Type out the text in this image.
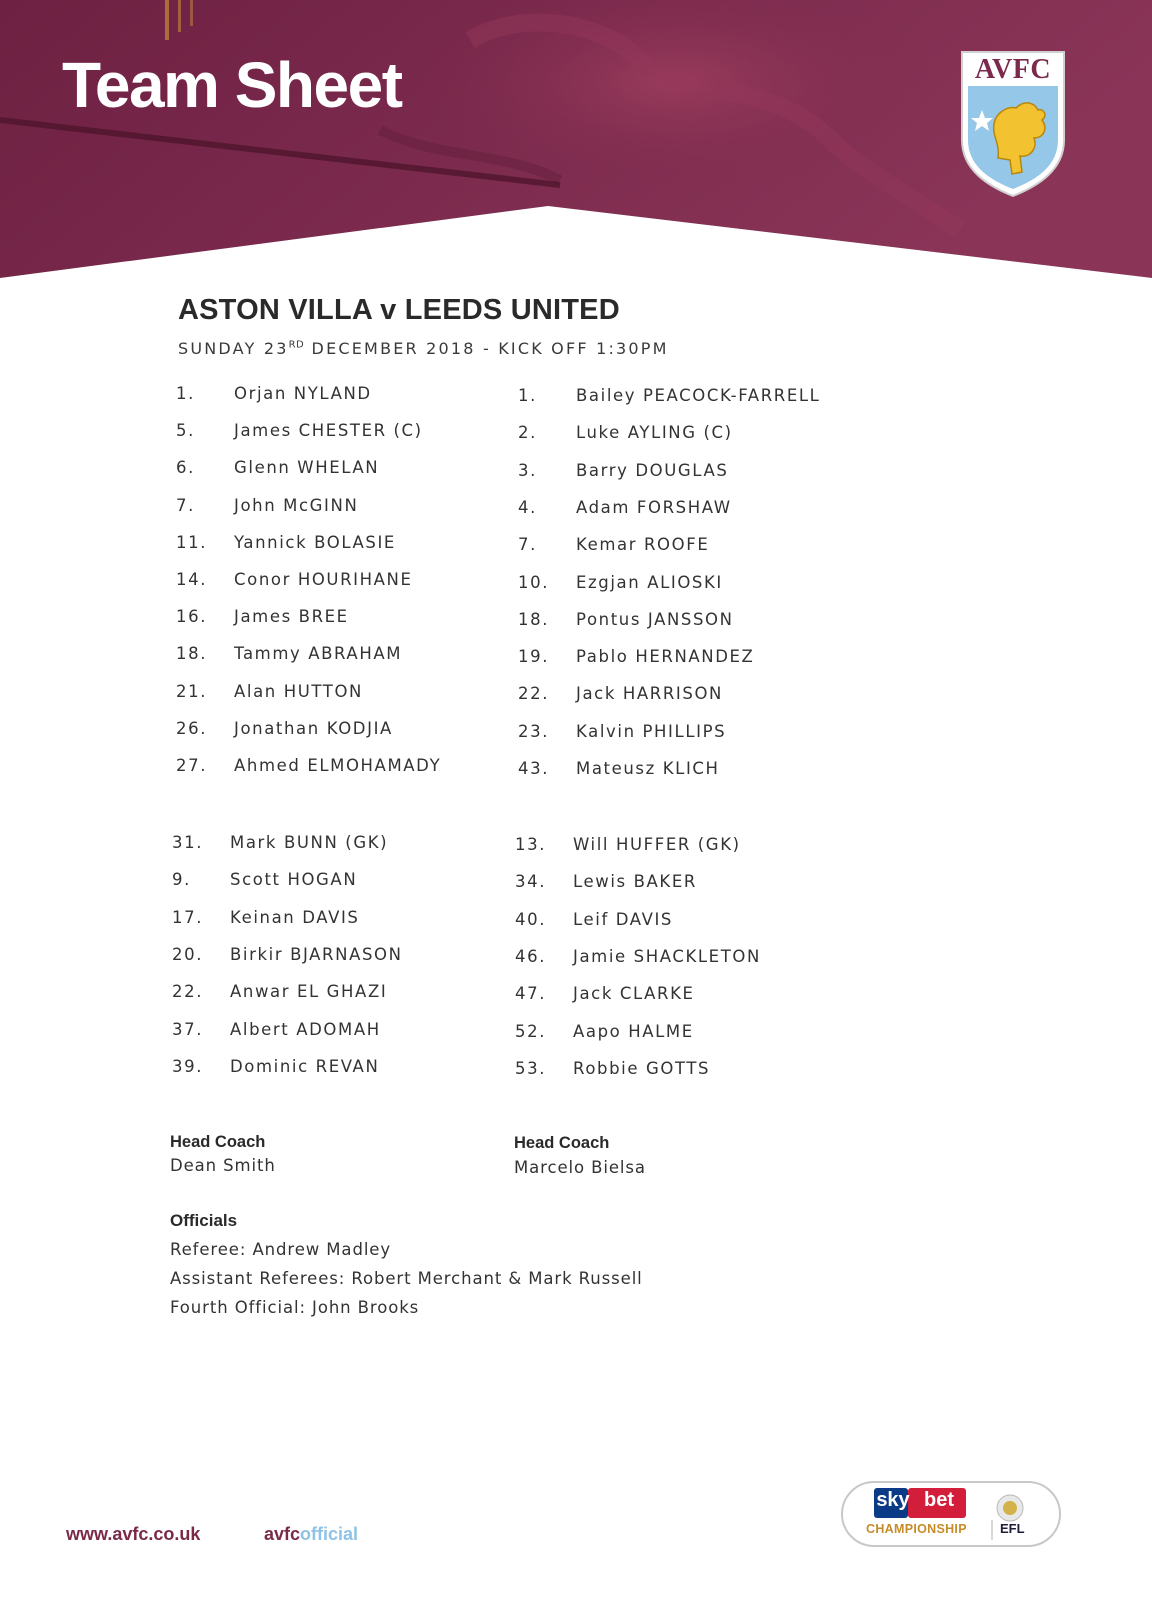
Team Sheet	AVFC
ASTON VILLA v LEEDS UNITED
SUNDAY 23RD DECEMBER 2018 - KICK OFF 1:30PM
1. Orjan NYLAND
5. James CHESTER (C)
6. Glenn WHELAN
7. John McGINN
11. Yannick BOLASIE
14. Conor HOURIHANE
16. James BREE
18. Tammy ABRAHAM
21. Alan HUTTON
26. Jonathan KODJIA
27. Ahmed ELMOHAMADY
1. Bailey PEACOCK-FARRELL
2. Luke AYLING (C)
3. Barry DOUGLAS
4. Adam FORSHAW
7. Kemar ROOFE
10. Ezgjan ALIOSKI
18. Pontus JANSSON
19. Pablo HERNANDEZ
22. Jack HARRISON
23. Kalvin PHILLIPS
43. Mateusz KLICH
31. Mark BUNN (GK)
9. Scott HOGAN
17. Keinan DAVIS
20. Birkir BJARNASON
22. Anwar EL GHAZI
37. Albert ADOMAH
39. Dominic REVAN
13. Will HUFFER (GK)
34. Lewis BAKER
40. Leif DAVIS
46. Jamie SHACKLETON
47. Jack CLARKE
52. Aapo HALME
53. Robbie GOTTS
Head Coach
Dean Smith
Head Coach
Marcelo Bielsa
Officials
Referee: Andrew Madley
Assistant Referees: Robert Merchant & Mark Russell
Fourth Official: John Brooks
www.avfc.co.uk	avfcofficial
sky bet
CHAMPIONSHIP	EFL
